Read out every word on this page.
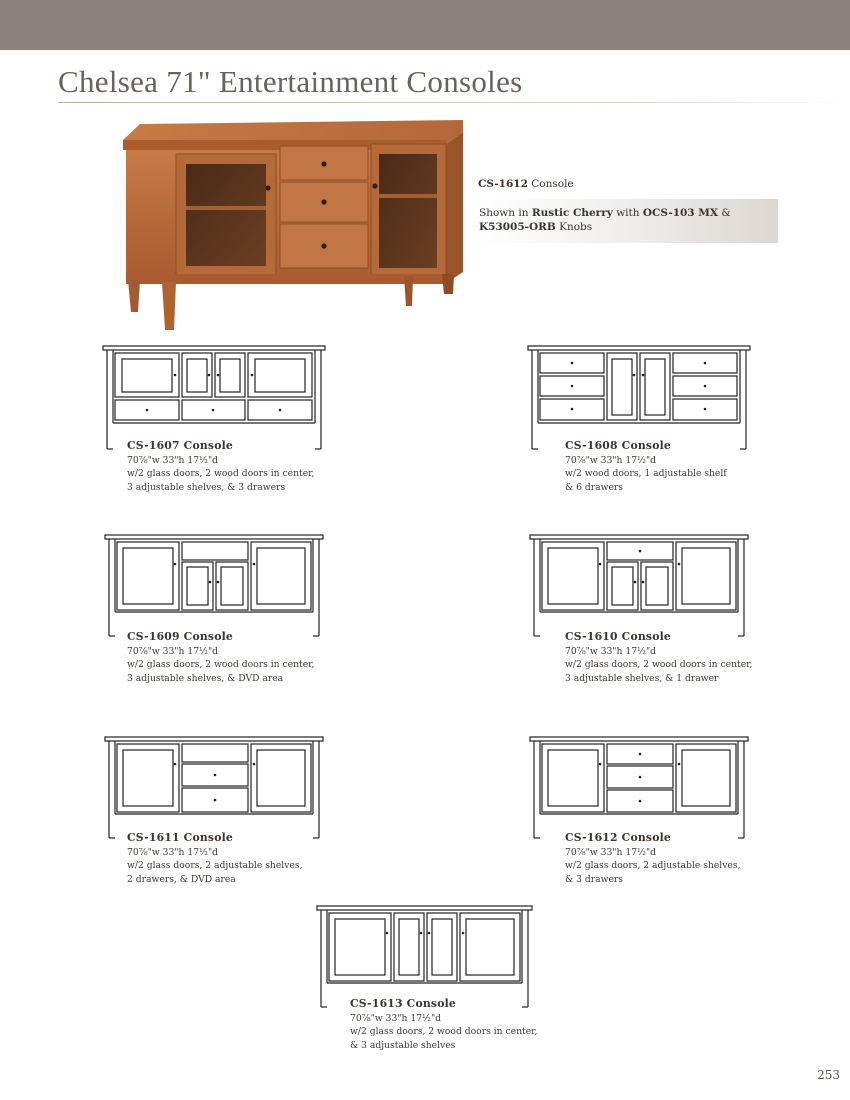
Chelsea 71" Entertainment Consoles
CS-1612 Console
Shown in Rustic Cherry with OCS-103 MX &
K53005-ORB Knobs
CS-1607 Console
70⅞"w 33"h 17½"d
w/2 glass doors, 2 wood doors in center,
3 adjustable shelves, & 3 drawers
CS-1608 Console
70⅞"w 33"h 17½"d
w/2 wood doors, 1 adjustable shelf
& 6 drawers
CS-1609 Console
70⅞"w 33"h 17½"d
w/2 glass doors, 2 wood doors in center,
3 adjustable shelves, & DVD area
CS-1610 Console
70⅞"w 33"h 17½"d
w/2 glass doors, 2 wood doors in center,
3 adjustable shelves, & 1 drawer
CS-1611 Console
70⅞"w 33"h 17½"d
w/2 glass doors, 2 adjustable shelves,
2 drawers, & DVD area
CS-1612 Console
70⅞"w 33"h 17½"d
w/2 glass doors, 2 adjustable shelves,
& 3 drawers
CS-1613 Console
70⅞"w 33"h 17½"d
w/2 glass doors, 2 wood doors in center,
& 3 adjustable shelves
253
